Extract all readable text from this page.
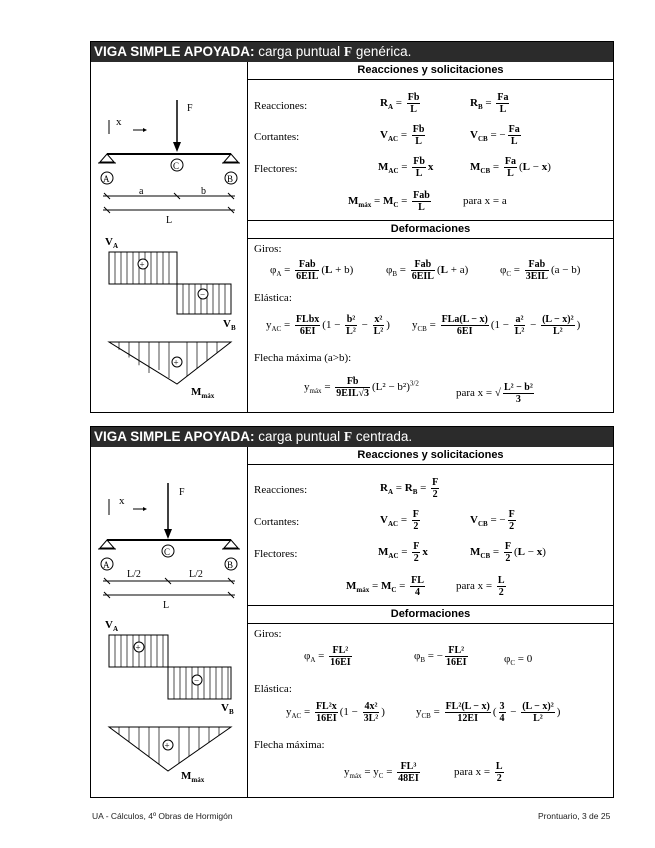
VIGA SIMPLE APOYADA: carga puntual F genérica.
x
F
A
C
B
a	b
L
$V_A$
+
−
$V_B$
+
$M_{máx}$
Reacciones y solicitaciones
Reacciones:	$R_A = \frac{Fb}{L}$	$R_B = \frac{Fa}{L}$
Cortantes:	$V_{AC} = \frac{Fb}{L}$	$V_{CB}$ = − $\frac{Fa}{L}$
Flectores:	$M_{AC} = \frac{Fb}{L}$ x	$M_{CB} = \frac{Fa}{L} (L - x)$
$M_{máx} = M_C = \frac{\text{Fab}}{L}$	para x = a
Deformaciones
Giros:
$\varphi_A = \frac{\text{Fab}}{\text{6EIL}} (L + b)$	$\varphi_B = \frac{\text{Fab}}{\text{6EIL}} (L + a)$	$\varphi_C = \frac{\text{Fab}}{\text{3EIL}} (a - b)$
Elástica:
$y_{AC} = \frac{\text{FLbx}}{6EI} (1 - \frac{\text{b²}}{\text{L²}} - \frac{\text{x²}}{\text{L²}}$ ) $y_{CB} = \frac{\text{FLa(L − x)}}{6EI} (1 - \frac{\text{a²}}{\text{L²}} - \frac{\text{(L − x)²}}{\text{L²}}$ )
Flecha máxima (a>b):
$y_{máx} = \frac{Fb}{\text{9EIL√3}} (L^2 - b^2)^{3/2}$
para x = √ $\frac{\text{L² − b²}}{3}$
VIGA SIMPLE APOYADA: carga puntual F centrada.
x
F
A
C
B
L/2	L/2
L
$V_A$
+
−
$V_B$
+
$M_{máx}$
Reacciones y solicitaciones
Reacciones:	$R_A = R_B = \frac{F}{2}$
Cortantes:	$V_{AC} = \frac{F}{2}$	$V_{CB}$ = − $\frac{F}{2}$
Flectores:	$M_{AC} = \frac{F}{2}$ x	$M_{CB} = \frac{F}{2} (L - x)$
$M_{máx} = M_C = \frac{FL}{4}$	para $x = \frac{L}{2}$
Deformaciones
Giros:
$\varphi_A = \frac{\text{FL²}}{16EI}$	$\varphi_B$ = − $\frac{\text{FL²}}{16EI}$	$\varphi_C = 0$
Elástica:
$y_{AC} = \frac{\text{FL²x}}{16EI} (1 - \frac{\text{4x²}}{\text{3L²}}$ )	$y_{CB} = \frac{\text{FL²(L − x)}}{12EI}$ ( $\frac{3}{4} - \frac{\text{(L − x)²}}{\text{L²}}$ )
Flecha máxima:
$y_{máx} = y_C = \frac{\text{FL³}}{48EI}$	para $x = \frac{L}{2}$
UA - Cálculos, 4º Obras de Hormigón	Prontuario, 3 de 25
